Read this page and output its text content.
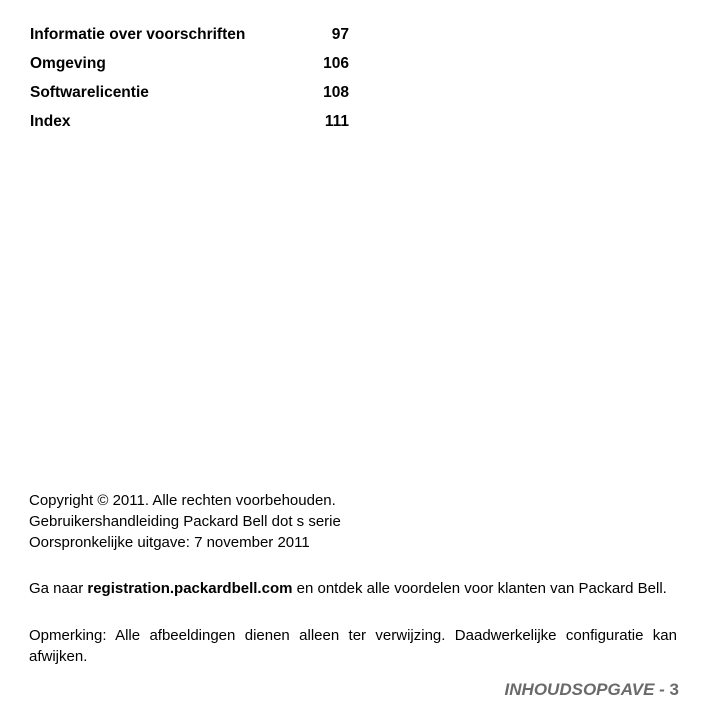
Informatie over voorschriften	97
Omgeving	106
Softwarelicentie	108
Index	111
Copyright © 2011. Alle rechten voorbehouden.
Gebruikershandleiding Packard Bell dot s serie
Oorspronkelijke uitgave: 7 november 2011
Ga naar registration.packardbell.com en ontdek alle voordelen voor klanten van Packard Bell.
Opmerking: Alle afbeeldingen dienen alleen ter verwijzing. Daadwerkelijke configuratie kan afwijken.
INHOUDSOPGAVE - 3
